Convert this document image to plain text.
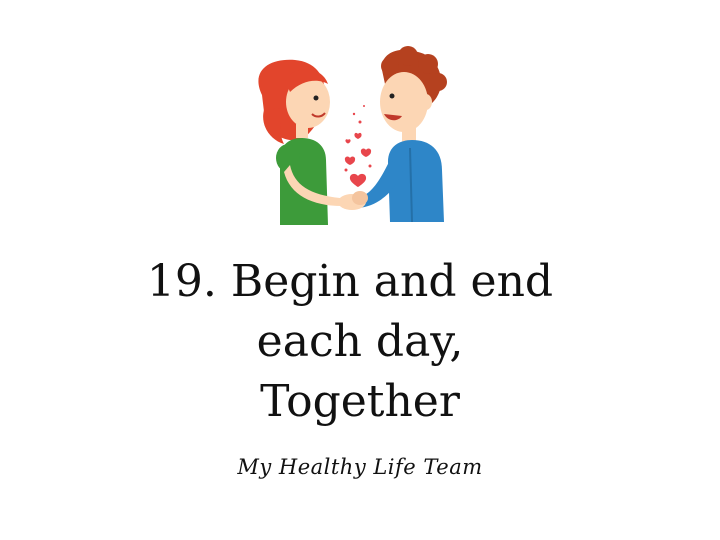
19. Begin and end
each day,
Together
My Healthy Life Team
